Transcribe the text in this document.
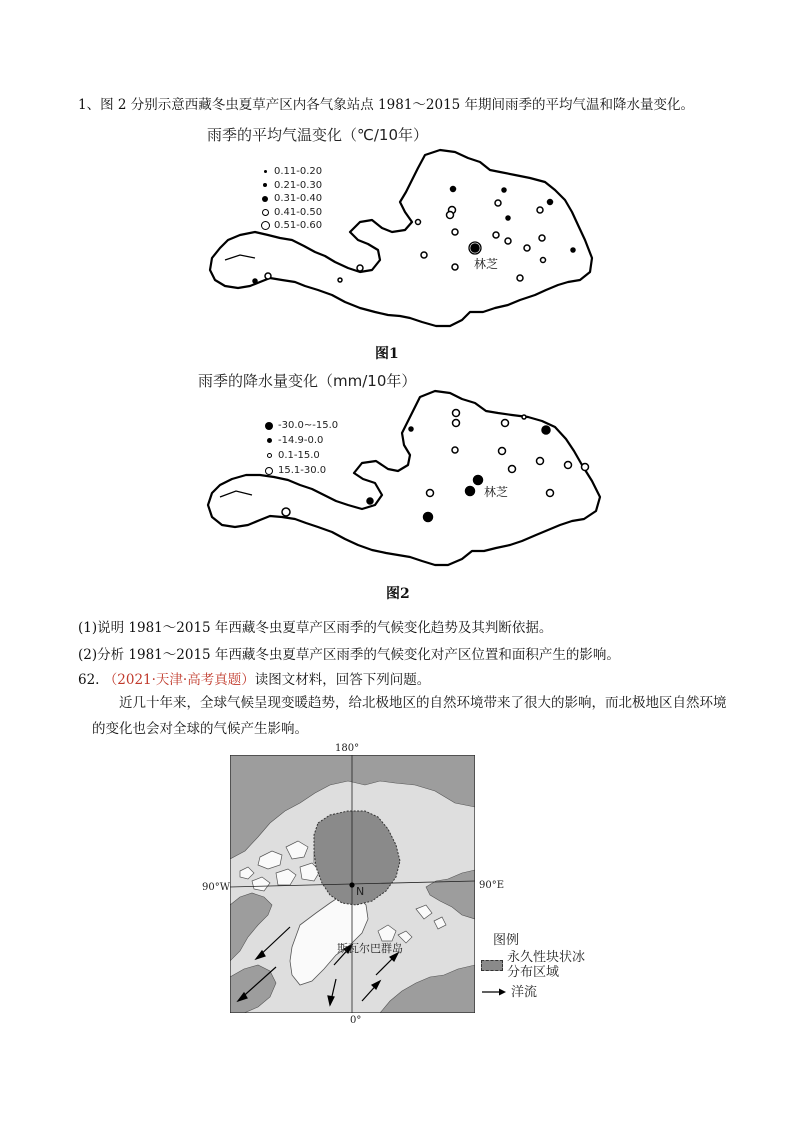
1、图 2 分别示意西藏冬虫夏草产区内各气象站点 1981～2015 年期间雨季的平均气温和降水量变化。
雨季的平均气温变化（℃/10年）
林芝
0.11-0.20
0.21-0.30
0.31-0.40
0.41-0.50
0.51-0.60
图1
雨季的降水量变化（mm/10年）
林芝
-30.0~-15.0
-14.9-0.0
0.1-15.0
15.1-30.0
图2
(1)说明 1981～2015 年西藏冬虫夏草产区雨季的气候变化趋势及其判断依据。
(2)分析 1981～2015 年西藏冬虫夏草产区雨季的气候变化对产区位置和面积产生的影响。
62. （2021·天津·高考真题）读图文材料，回答下列问题。
近几十年来，全球气候呈现变暖趋势，给北极地区的自然环境带来了很大的影响，而北极地区自然环境的变化也会对全球的气候产生影响。
180°
90°W	90°E
0°
N
斯瓦尔巴群岛
图例
永久性块状冰
分布区域
洋流
